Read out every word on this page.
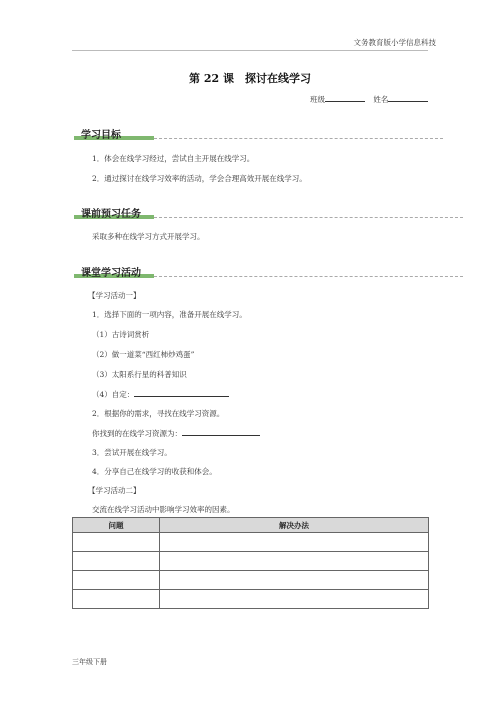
文务教育版小学信息科技
第 22 课　探讨在线学习
班级	姓名
学习目标
1．体会在线学习经过，尝试自主开展在线学习。
2．通过探讨在线学习效率的活动，学会合理高效开展在线学习。
课前预习任务
采取多种在线学习方式开展学习。
课堂学习活动
【学习活动一】
1．选择下面的一项内容，准备开展在线学习。
（1）古诗词赏析
（2）做一道菜“西红柿炒鸡蛋”
（3）太阳系行星的科普知识
（4）自定：
2．根据你的需求，寻找在线学习资源。
你找到的在线学习资源为：
3．尝试开展在线学习。
4．分享自己在线学习的收获和体会。
【学习活动二】
交流在线学习活动中影响学习效率的因素。
问题	解决办法

三年级下册
